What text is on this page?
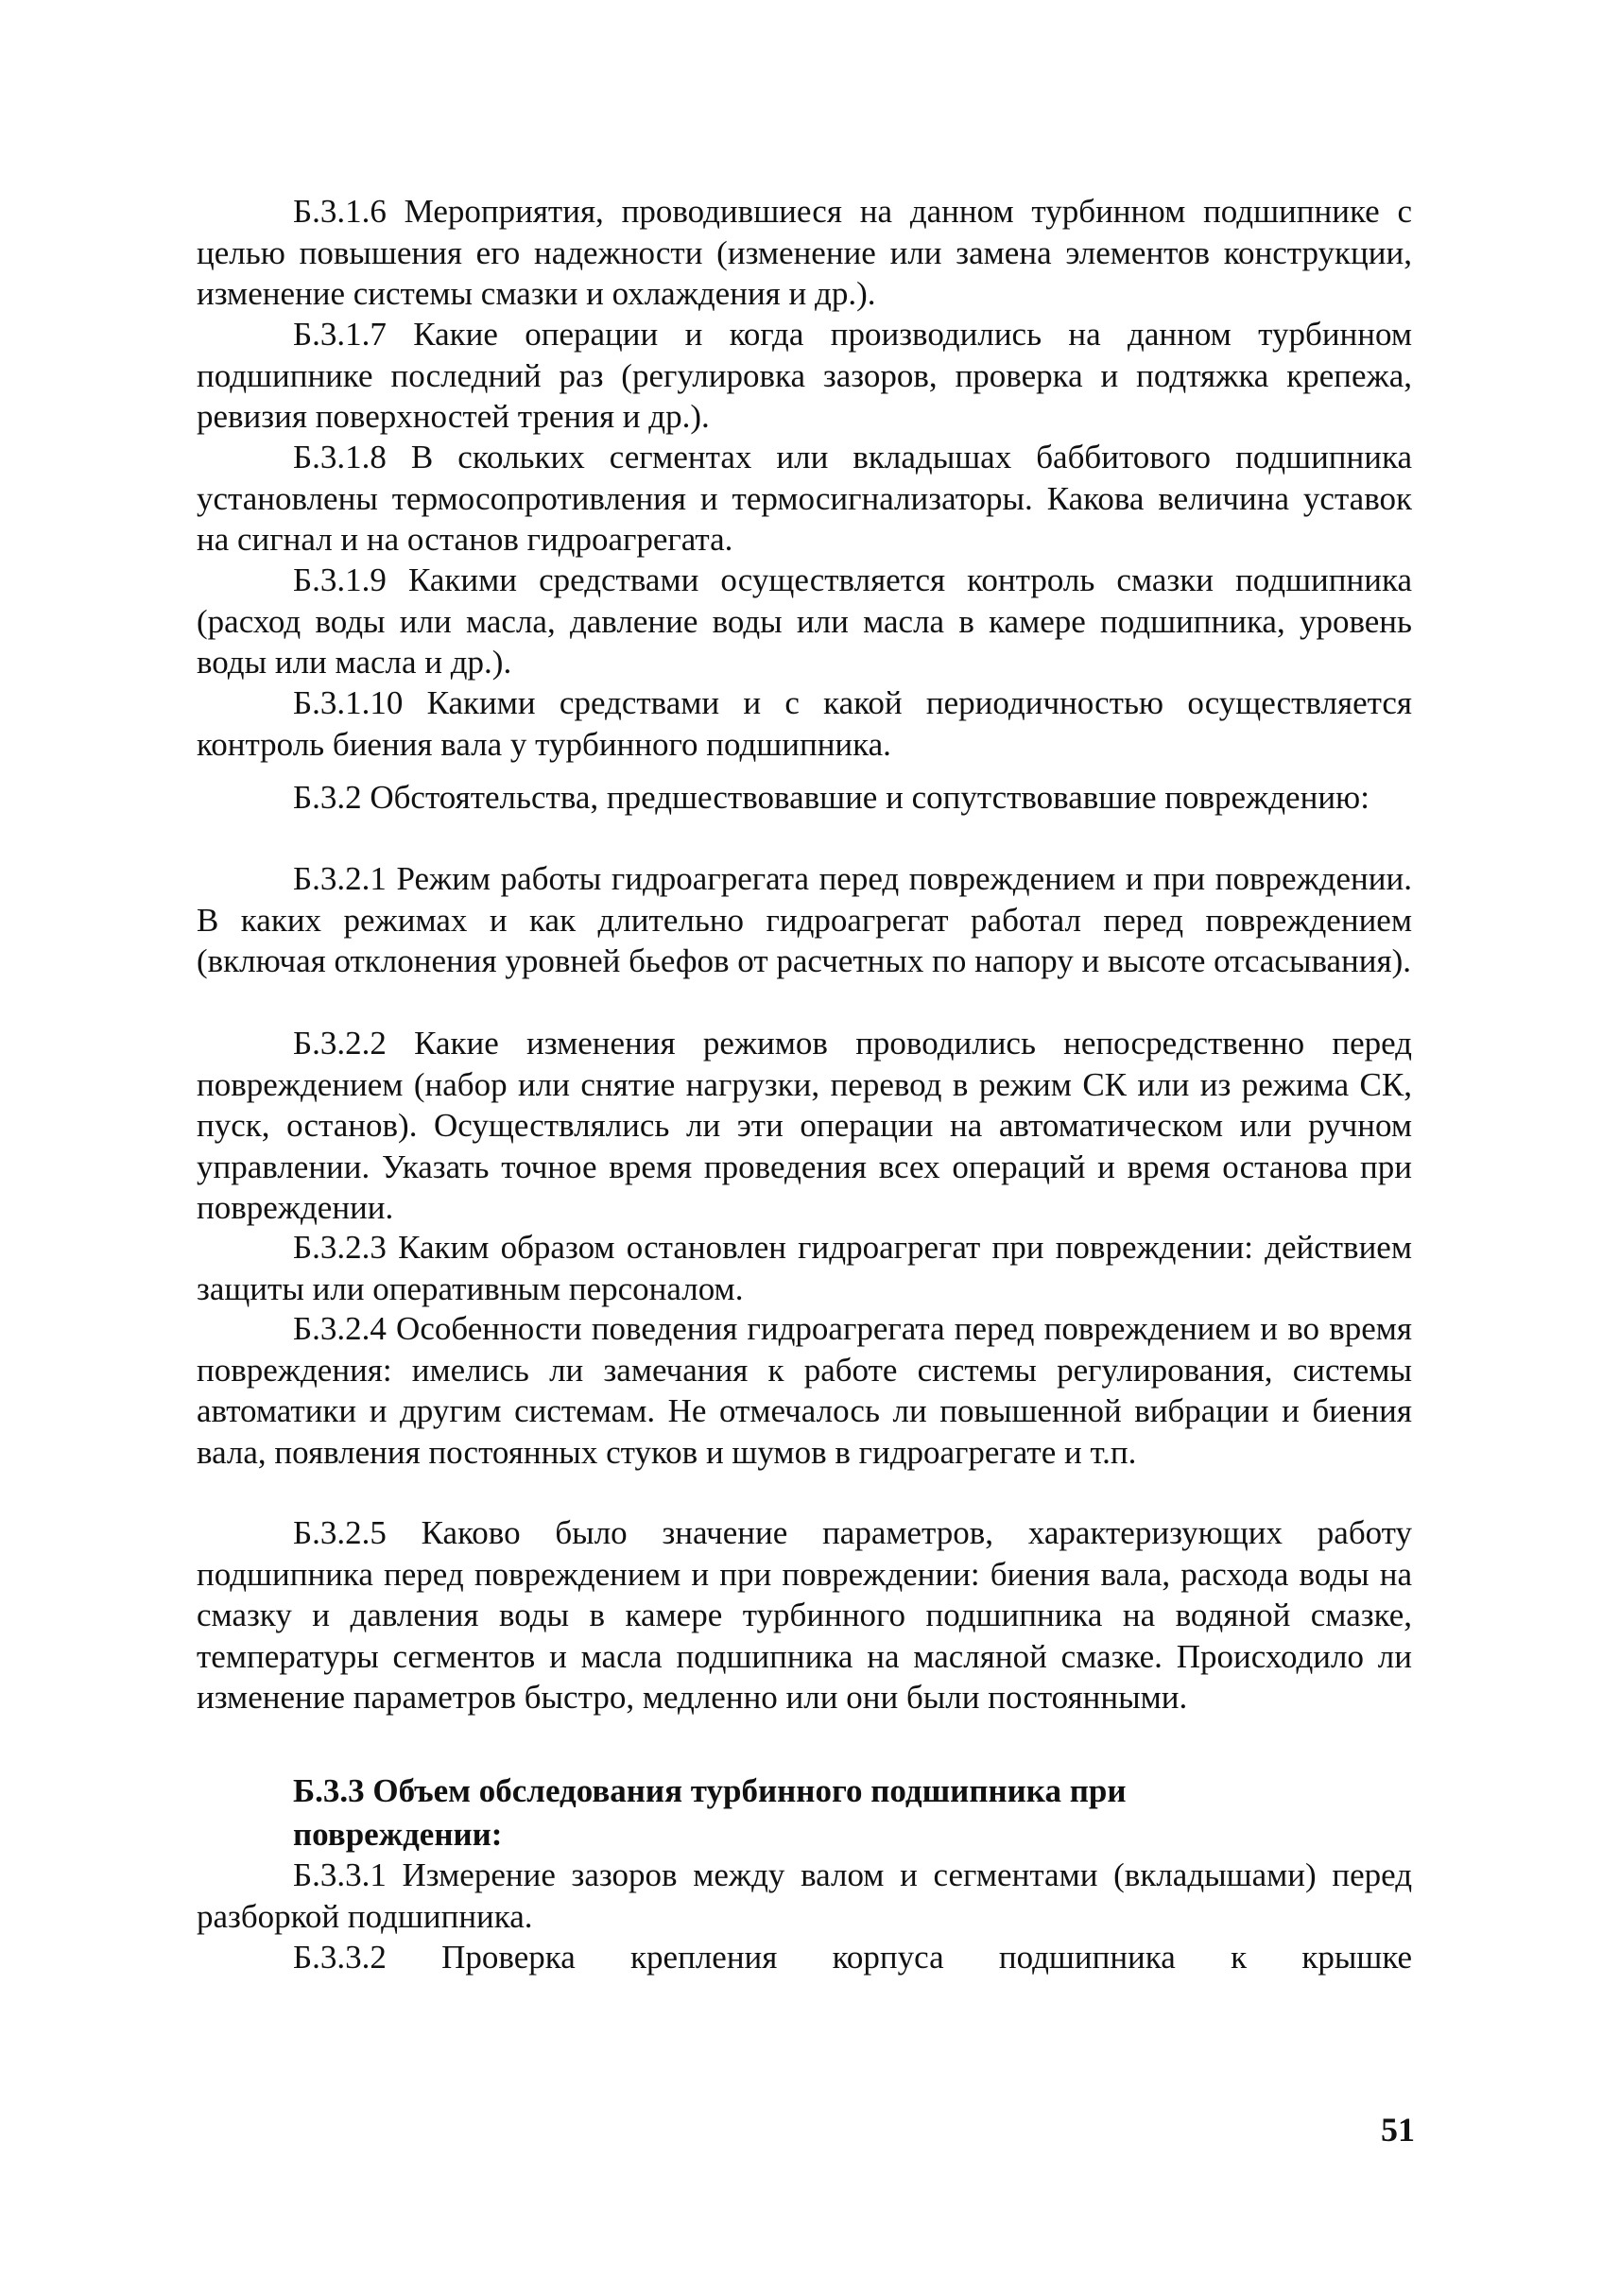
Б.3.1.6 Мероприятия, проводившиеся на данном турбинном подшипнике с целью повышения его надежности (изменение или замена элементов конструкции, изменение системы смазки и охлаждения и др.).

Б.3.1.7 Какие операции и когда производились на данном турбинном подшипнике последний раз (регулировка зазоров, проверка и подтяжка крепежа, ревизия поверхностей трения и др.).

Б.3.1.8 В скольких сегментах или вкладышах баббитового подшипника установлены термосопротивления и термосигнализаторы. Какова величина уставок на сигнал и на останов гидроагрегата.

Б.3.1.9 Какими средствами осуществляется контроль смазки подшипника (расход воды или масла, давление воды или масла в камере подшипника, уровень воды или масла и др.).

Б.3.1.10 Какими средствами и с какой периодичностью осуществляется контроль биения вала у турбинного подшипника.

Б.3.2 Обстоятельства, предшествовавшие и сопутствовавшие повреждению:

Б.3.2.1 Режим работы гидроагрегата перед повреждением и при повреждении. В каких режимах и как длительно гидроагрегат работал перед повреждением (включая отклонения уровней бьефов от расчетных по напору и высоте отсасывания).

Б.3.2.2 Какие изменения режимов проводились непосредственно перед повреждением (набор или снятие нагрузки, перевод в режим СК или из режима СК, пуск, останов). Осуществлялись ли эти операции на автоматическом или ручном управлении. Указать точное время проведения всех операций и время останова при повреждении.

Б.3.2.3 Каким образом остановлен гидроагрегат при повреждении: действием защиты или оперативным персоналом.

Б.3.2.4 Особенности поведения гидроагрегата перед повреждением и во время повреждения: имелись ли замечания к работе системы регулирования, системы автоматики и другим системам. Не отмечалось ли повышенной вибрации и биения вала, появления постоянных стуков и шумов в гидроагрегате и т.п.

Б.3.2.5 Каково было значение параметров, характеризующих работу подшипника перед повреждением и при повреждении: биения вала, расхода воды на смазку и давления воды в камере турбинного подшипника на водяной смазке, температуры сегментов и масла подшипника на масляной смазке. Происходило ли изменение параметров быстро, медленно или они были постоянными.

Б.3.3 Объем обследования турбинного подшипника при повреждении:

Б.3.3.1 Измерение зазоров между валом и сегментами (вкладышами) перед разборкой подшипника.

Б.3.3.2 Проверка крепления корпуса подшипника к крышке

51
